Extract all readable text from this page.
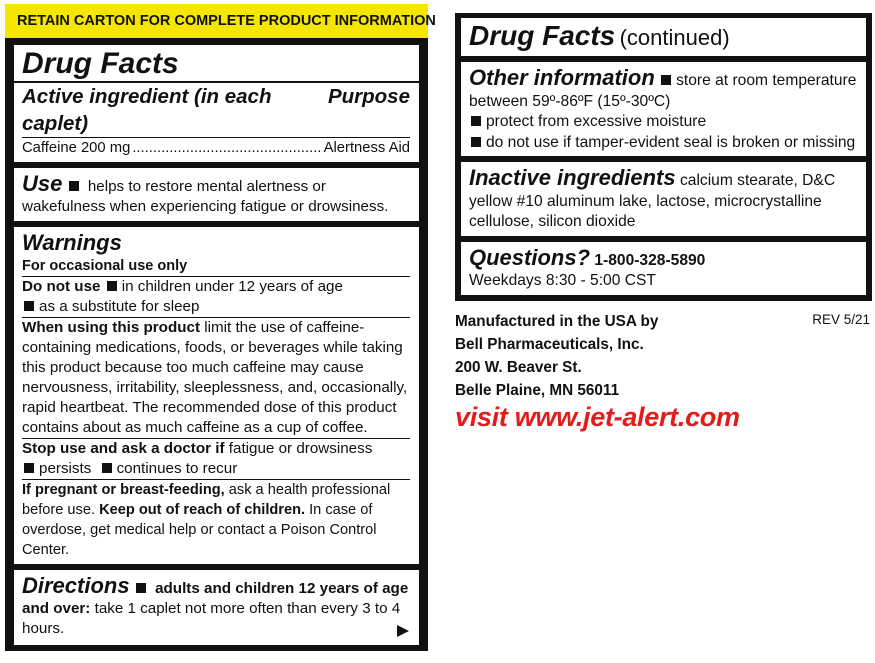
RETAIN CARTON FOR COMPLETE PRODUCT INFORMATION
Drug Facts
Active ingredient (in each caplet)
Purpose
Caffeine 200 mg
.....	Alertness Aid
Use helps to restore mental alertness or wakefulness when experiencing fatigue or drowsiness.
Warnings
For occasional use only
Do not use in children under 12 years of age
as a substitute for sleep
When using this product limit the use of caffeine-containing medications, foods, or beverages while taking this product because too much caffeine may cause nervousness, irritability, sleeplessness, and, occasionally, rapid heartbeat. The recommended dose of this product contains about as much caffeine as a cup of coffee.
Stop use and ask a doctor if fatigue or drowsiness
persists continues to recur
If pregnant or breast-feeding, ask a health professional before use. Keep out of reach of children. In case of overdose, get medical help or contact a Poison Control Center.
Directions adults and children 12 years of age and over: take 1 caplet not more often than every 3 to 4 hours.
Drug Facts (continued)
Other information store at room temperature between 59º-86ºF (15º-30ºC)
protect from excessive moisture
do not use if tamper-evident seal is broken or missing
Inactive ingredients calcium stearate, D&C yellow #10 aluminum lake, lactose, microcrystalline cellulose, silicon dioxide
Questions? 1-800-328-5890
Weekdays 8:30 - 5:00 CST
REV 5/21
Manufactured in the USA by
Bell Pharmaceuticals, Inc.
200 W. Beaver St.
Belle Plaine, MN 56011
visit www.jet-alert.com
